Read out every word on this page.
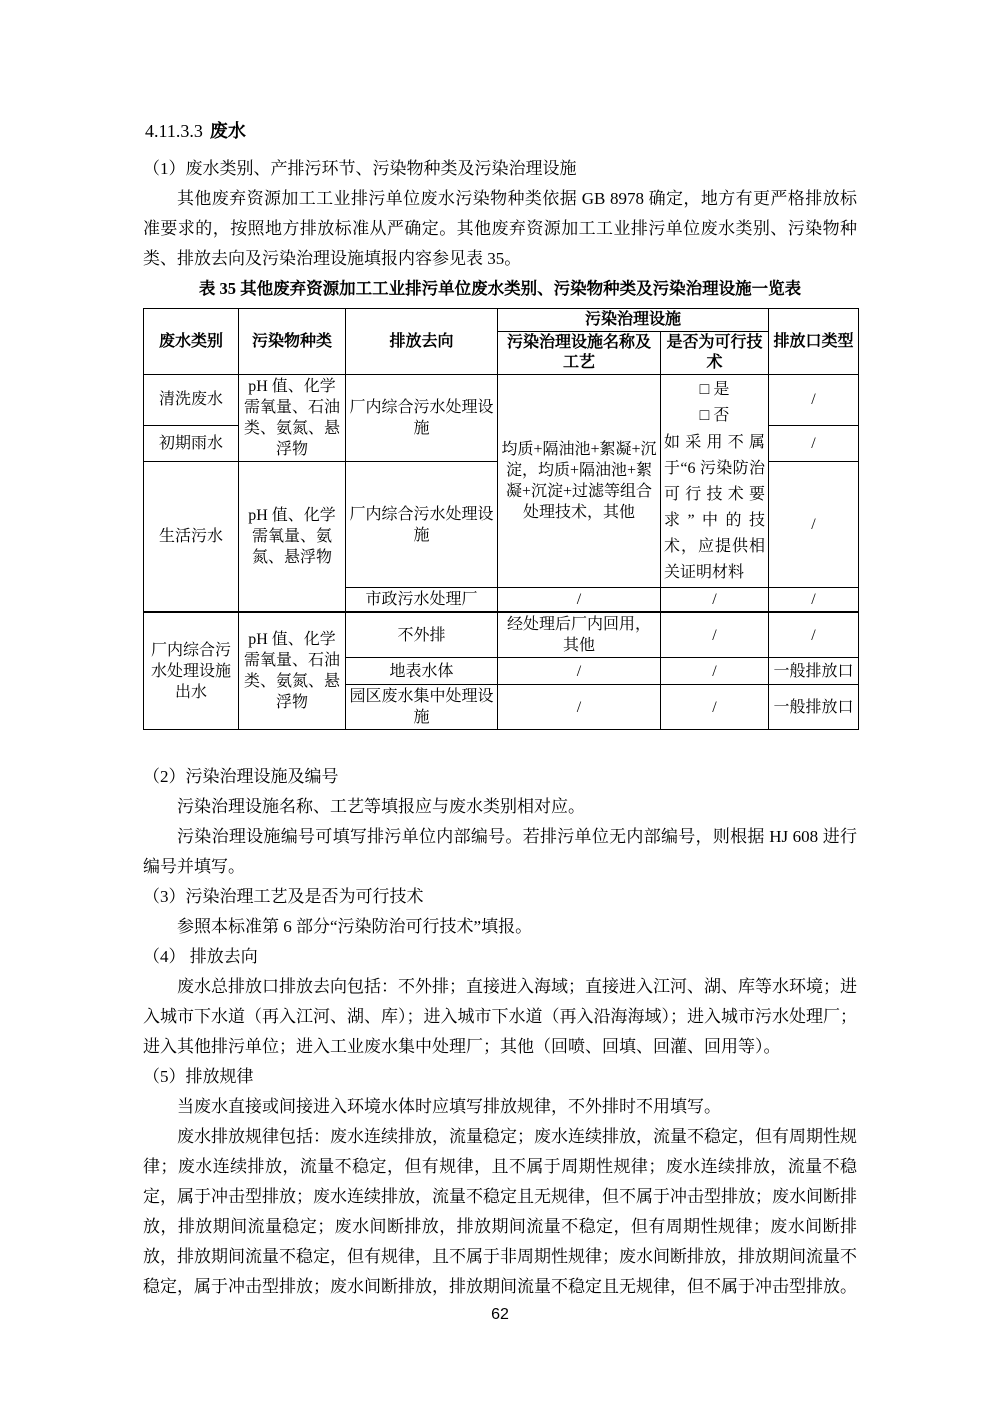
4.11.3.3 废水

（1）废水类别、产排污环节、污染物种类及污染治理设施

其他废弃资源加工工业排污单位废水污染物种类依据 GB 8978 确定，地方有更严格排放标准要求的，按照地方排放标准从严确定。其他废弃资源加工工业排污单位废水类别、污染物种类、排放去向及污染治理设施填报内容参见表 35。

表 35 其他废弃资源加工工业排污单位废水类别、污染物种类及污染治理设施一览表

废水类别	污染物种类	排放去向	污染治理设施		排放口类型
			污染治理设施名称及工艺	是否为可行技术	
清洗废水	pH 值、化学需氧量、石油类、氨氮、悬浮物	厂内综合污水处理设施	均质+隔油池+絮凝+沉淀，均质+隔油池+絮凝+沉淀+过滤等组合处理技术，其他	□ 是
□ 否
如采用不属于“6 污染防治可行技术要求”中的技术，应提供相关证明材料	/
初期雨水					/
生活污水	pH 值、化学需氧量、氨氮、悬浮物	厂内综合污水处理设施			/
		市政污水处理厂	/	/	/
厂内综合污水处理设施出水	pH 值、化学需氧量、石油类、氨氮、悬浮物	不外排	经处理后厂内回用，其他	/	/
		地表水体	/	/	一般排放口
		园区废水集中处理设施	/	/	一般排放口

（2）污染治理设施及编号

污染治理设施名称、工艺等填报应与废水类别相对应。

污染治理设施编号可填写排污单位内部编号。若排污单位无内部编号，则根据 HJ 608 进行编号并填写。

（3）污染治理工艺及是否为可行技术

参照本标准第 6 部分“污染防治可行技术”填报。

（4） 排放去向

废水总排放口排放去向包括：不外排；直接进入海域；直接进入江河、湖、库等水环境；进入城市下水道（再入江河、湖、库）；进入城市下水道（再入沿海海域）；进入城市污水处理厂；进入其他排污单位；进入工业废水集中处理厂；其他（回喷、回填、回灌、回用等）。

（5）排放规律

当废水直接或间接进入环境水体时应填写排放规律，不外排时不用填写。

废水排放规律包括：废水连续排放，流量稳定；废水连续排放，流量不稳定，但有周期性规律；废水连续排放，流量不稳定，但有规律，且不属于周期性规律；废水连续排放，流量不稳定，属于冲击型排放；废水连续排放，流量不稳定且无规律，但不属于冲击型排放；废水间断排放，排放期间流量稳定；废水间断排放，排放期间流量不稳定，但有周期性规律；废水间断排放，排放期间流量不稳定，但有规律，且不属于非周期性规律；废水间断排放，排放期间流量不稳定，属于冲击型排放；废水间断排放，排放期间流量不稳定且无规律，但不属于冲击型排放。

62
